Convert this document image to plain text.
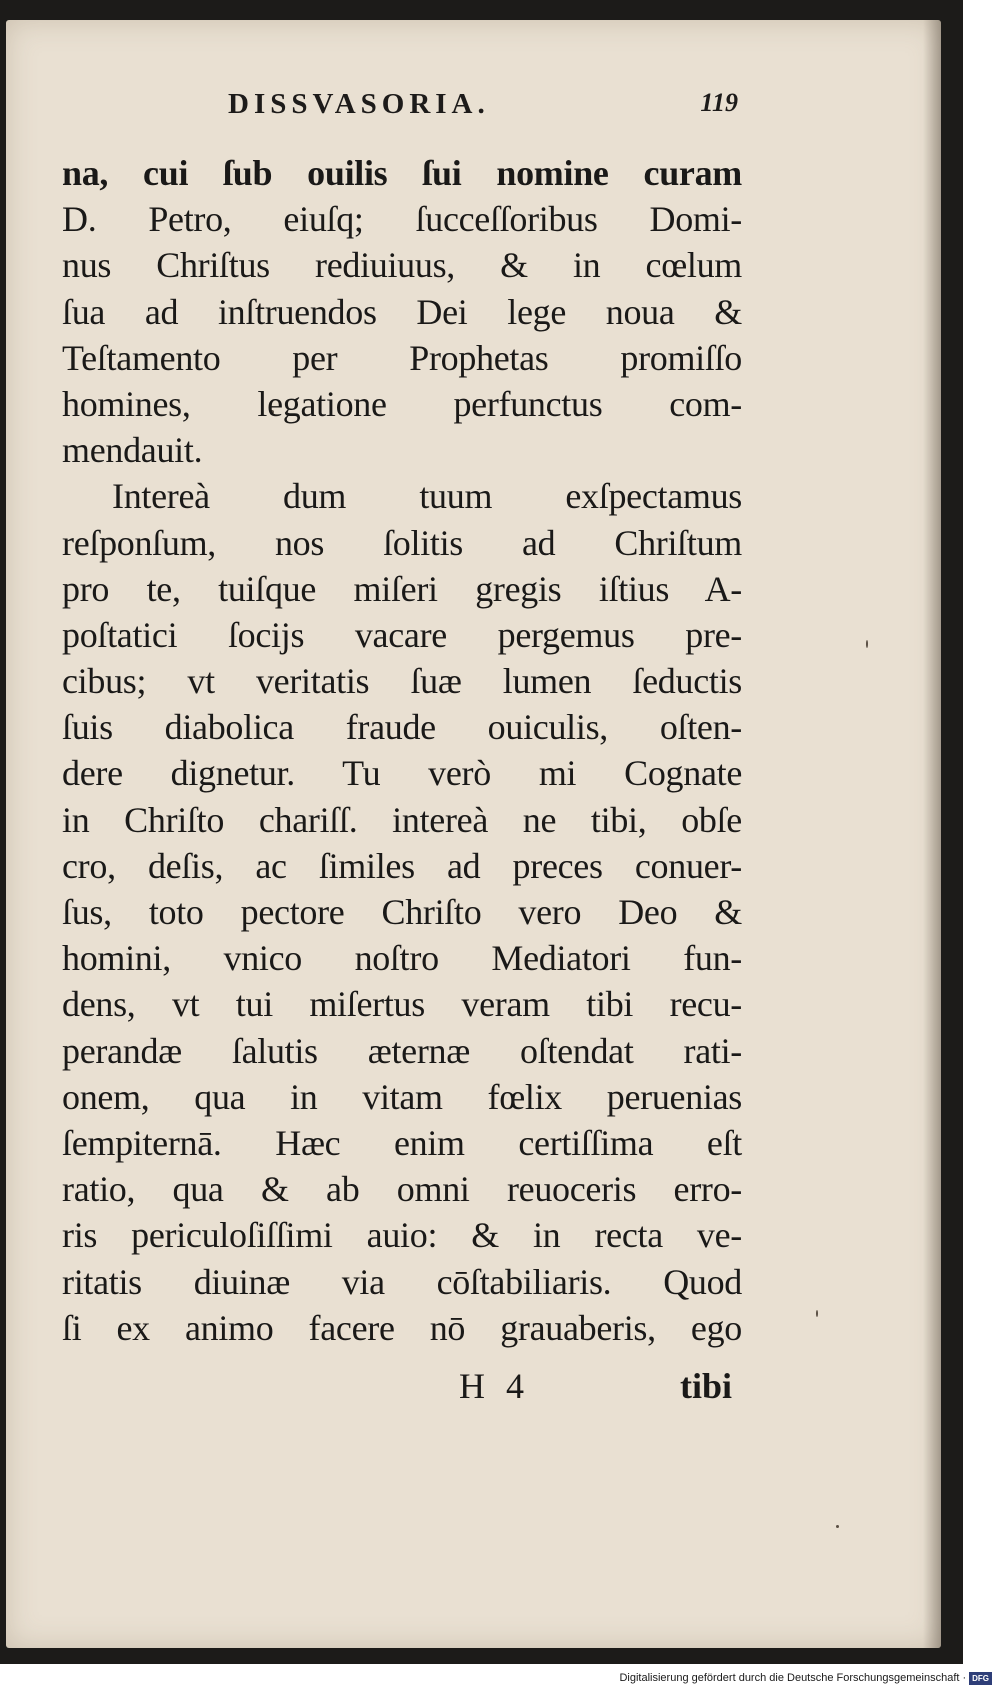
DISSVASORIA.	119
na, cui ſub ouilis ſui nomine curam
D. Petro, eiuſq; ſucceſſoribus Domi-
nus Chriſtus rediuiuus, & in cœlum
ſua ad inſtruendos Dei lege noua &
Teſtamento per Prophetas promiſſo
homines, legatione perfunctus com-
mendauit.
Intereà dum tuum exſpectamus
reſponſum, nos ſolitis ad Chriſtum
pro te, tuiſque miſeri gregis iſtius A-
poſtatici ſocijs vacare pergemus pre-
cibus; vt veritatis ſuæ lumen ſeductis
ſuis diabolica fraude ouiculis, oſten-
dere dignetur. Tu verò mi Cognate
in Chriſto chariſſ. intereà ne tibi, obſe
cro, deſis, ac ſimiles ad preces conuer-
ſus, toto pectore Chriſto vero Deo &
homini, vnico noſtro Mediatori fun-
dens, vt tui miſertus veram tibi recu-
perandæ ſalutis æternæ oſtendat rati-
onem, qua in vitam fœlix peruenias
ſempiternā. Hæc enim certiſſima eſt
ratio, qua & ab omni reuoceris erro-
ris periculoſiſſimi auio: & in recta ve-
ritatis diuinæ via cōſtabiliaris. Quod
ſi ex animo facere nō grauaberis, ego
H 4	tibi
Digitalisierung gefördert durch die Deutsche Forschungsgemeinschaft · DFG
